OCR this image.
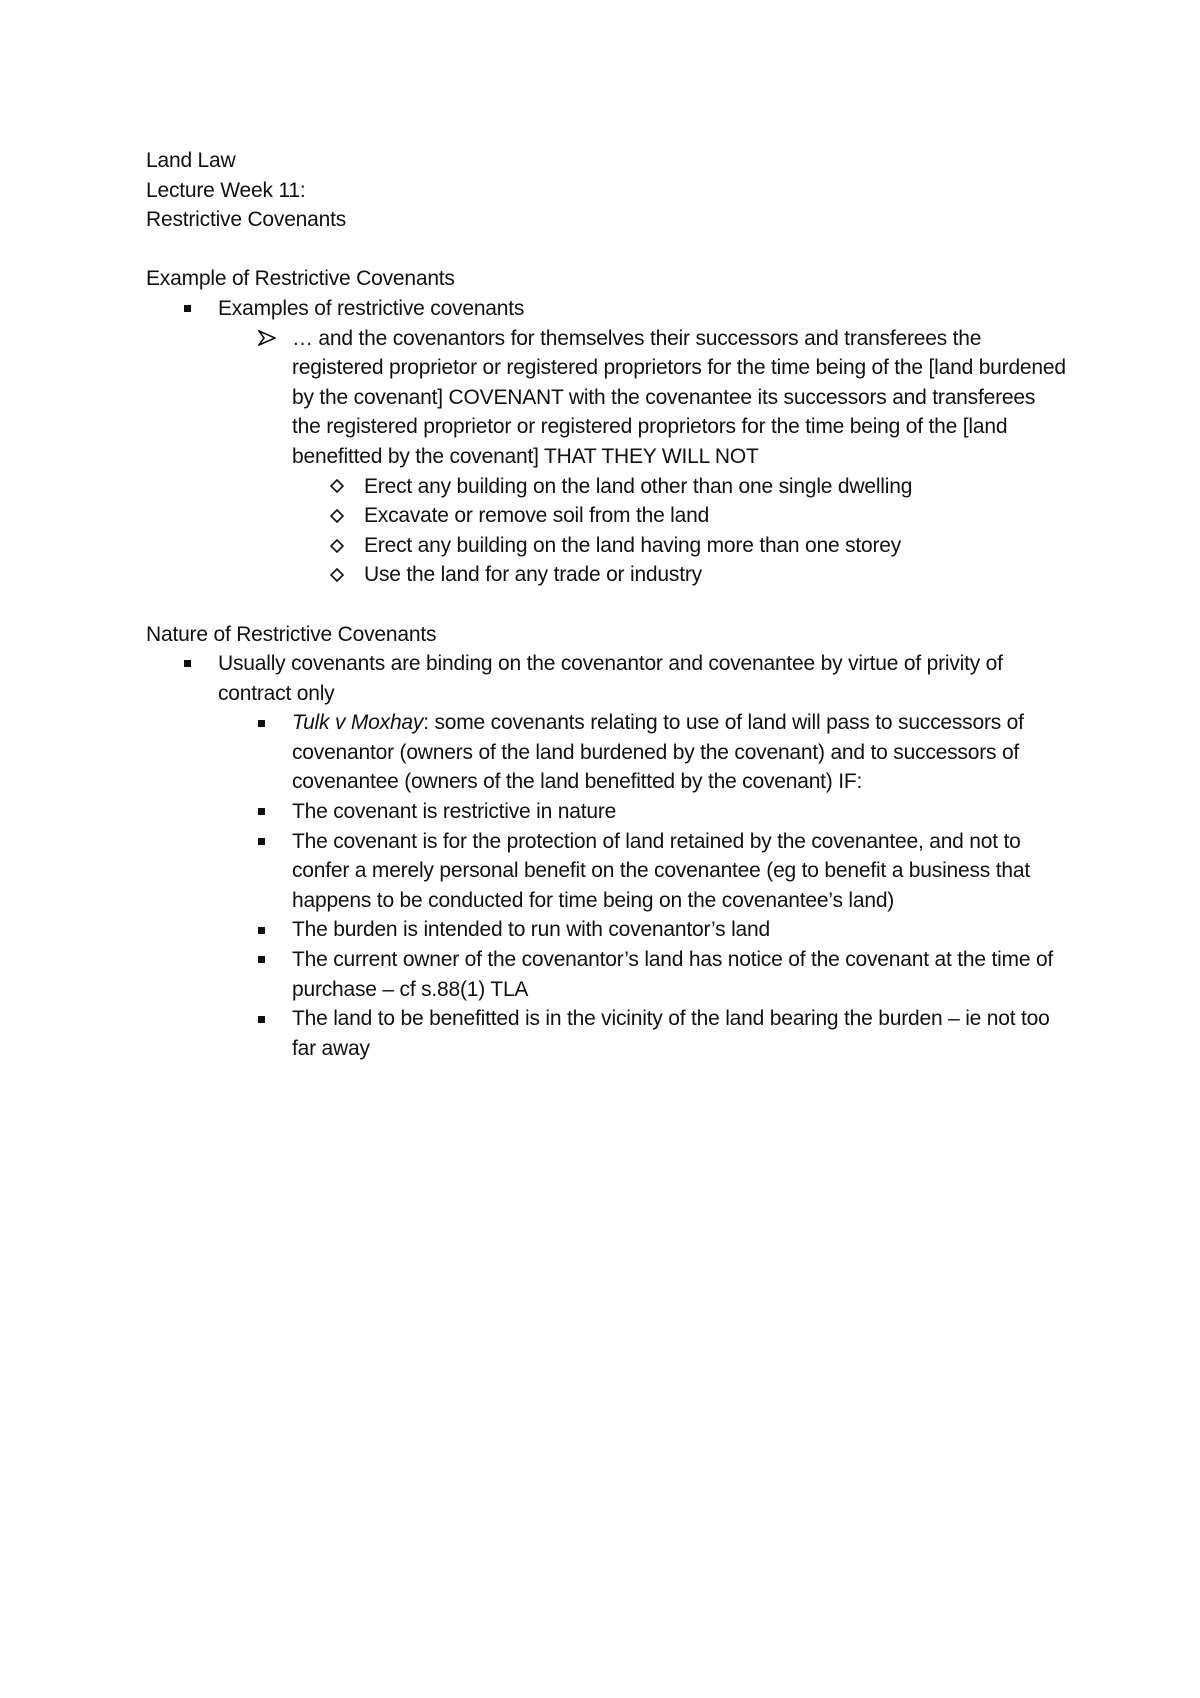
Land Law

Lecture Week 11:

Restrictive Covenants

Example of Restrictive Covenants

Examples of restrictive covenants
… and the covenantors for themselves their successors and transferees the registered proprietor or registered proprietors for the time being of the [land burdened by the covenant] COVENANT with the covenantee its successors and transferees the registered proprietor or registered proprietors for the time being of the [land benefitted by the covenant] THAT THEY WILL NOT
Erect any building on the land other than one single dwelling
Excavate or remove soil from the land
Erect any building on the land having more than one storey
Use the land for any trade or industry

Nature of Restrictive Covenants

Usually covenants are binding on the covenantor and covenantee by virtue of privity of contract only
Tulk v Moxhay: some covenants relating to use of land will pass to successors of covenantor (owners of the land burdened by the covenant) and to successors of covenantee (owners of the land benefitted by the covenant) IF:
The covenant is restrictive in nature
The covenant is for the protection of land retained by the covenantee, and not to confer a merely personal benefit on the covenantee (eg to benefit a business that happens to be conducted for time being on the covenantee’s land)
The burden is intended to run with covenantor’s land
The current owner of the covenantor’s land has notice of the covenant at the time of purchase – cf s.88(1) TLA
The land to be benefitted is in the vicinity of the land bearing the burden – ie not too far away
